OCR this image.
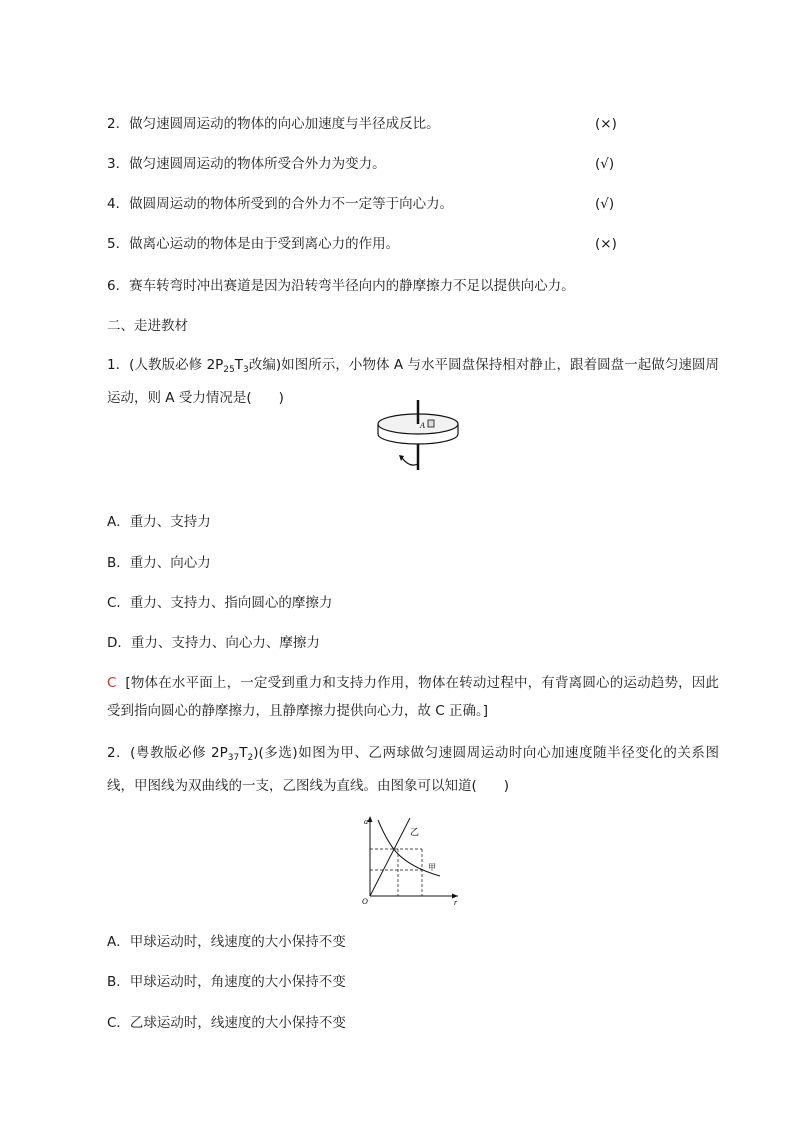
2．做匀速圆周运动的物体的向心加速度与半径成反比。	(×)
3．做匀速圆周运动的物体所受合外力为变力。	(√)
4．做圆周运动的物体所受到的合外力不一定等于向心力。	(√)
5．做离心运动的物体是由于受到离心力的作用。	(×)
6．赛车转弯时冲出赛道是因为沿转弯半径向内的静摩擦力不足以提供向心力。
二、走进教材
1．(人教版必修 $2P_{25}T_3$改编)如图所示，小物体 A 与水平圆盘保持相对静止，跟着圆盘一起做匀速圆周运动，则 A 受力情况是(　　)
A
A．重力、支持力
B．重力、向心力
C．重力、支持力、指向圆心的摩擦力
D．重力、支持力、向心力、摩擦力
C [物体在水平面上，一定受到重力和支持力作用，物体在转动过程中，有背离圆心的运动趋势，因此受到指向圆心的静摩擦力，且静摩擦力提供向心力，故 C 正确。]
2．(粤教版必修 $2P_{37}T_2$)(多选)如图为甲、乙两球做匀速圆周运动时向心加速度随半径变化的关系图线，甲图线为双曲线的一支，乙图线为直线。由图象可以知道(　　)
a
r
O
乙
甲
A．甲球运动时，线速度的大小保持不变
B．甲球运动时，角速度的大小保持不变
C．乙球运动时，线速度的大小保持不变
